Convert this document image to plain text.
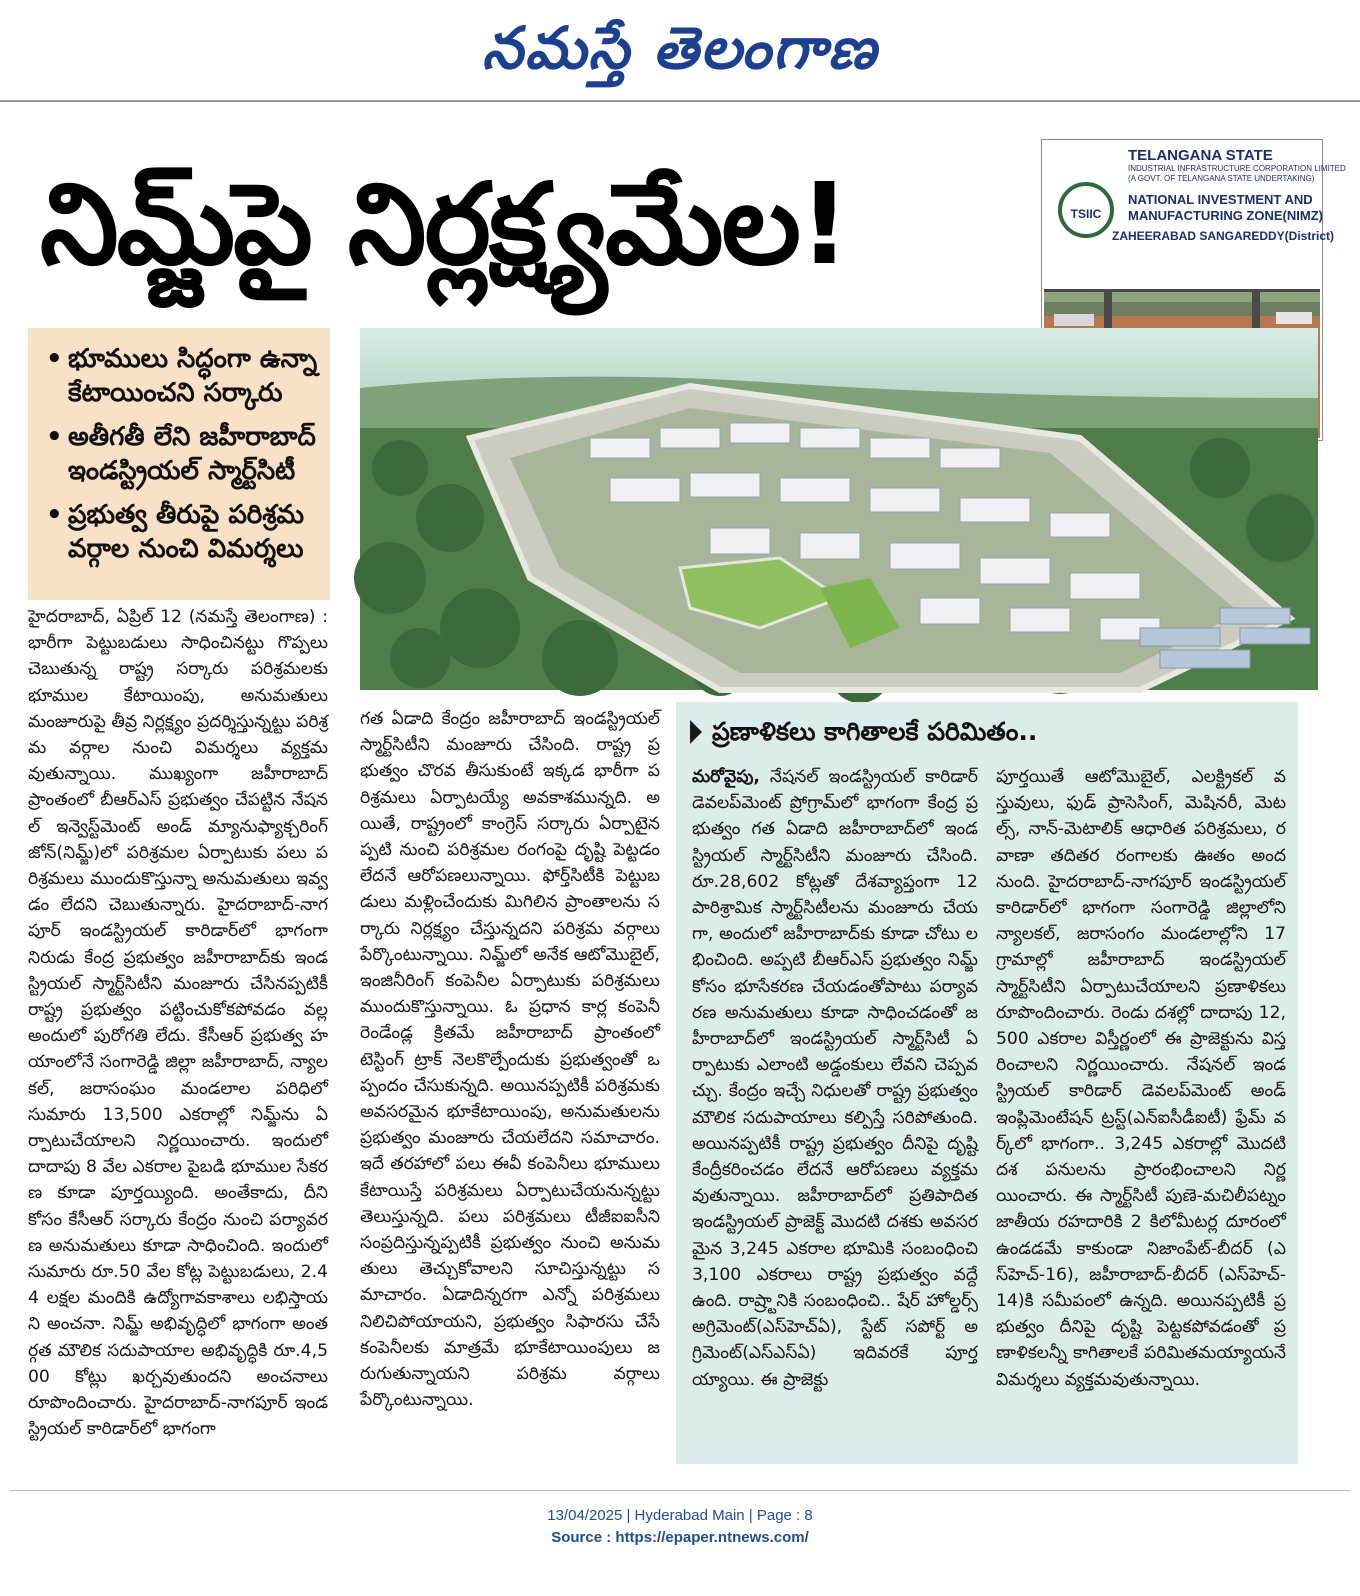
నమస్తే తెలంగాణ
నిమ్జ్‌పై నిర్లక్ష్యమేల!	TSIIC
TELANGANA STATE
INDUSTRIAL INFRASTRUCTURE CORPORATION LIMITED
(A GOVT. OF TELANGANA STATE UNDERTAKING)
NATIONAL INVESTMENT AND
MANUFACTURING ZONE(NIMZ)
ZAHEERABAD SANGAREDDY(District)
• భూములు సిద్ధంగా ఉన్నా కేటాయించని సర్కారు
• అతీగతీ లేని జహీరాబాద్ ఇండస్ట్రియల్ స్మార్ట్‌సిటీ
• ప్రభుత్వ తీరుపై పరిశ్రమ వర్గాల నుంచి విమర్శలు
హైదరాబాద్, ఏప్రిల్ 12 (నమస్తే తెలంగాణ) : భారీగా పెట్టుబడులు సాధించినట్టు గొప్పలు చెబుతున్న రాష్ట్ర సర్కారు పరిశ్రమలకు భూముల కేటాయింపు, అనుమతులు మంజూరుపై తీవ్ర నిర్లక్ష్యం ప్రదర్శిస్తున్నట్టు పరిశ్రమ వర్గాల నుంచి విమర్శలు వ్యక్తమవుతున్నాయి. ముఖ్యంగా జహీరాబాద్ ప్రాంతంలో బీఆర్‌ఎస్ ప్రభుత్వం చేపట్టిన నేషనల్ ఇన్వెస్ట్‌మెంట్ అండ్ మ్యానుఫ్యాక్చరింగ్ జోన్(నిమ్జ్)లో పరిశ్రమల ఏర్పాటుకు పలు పరిశ్రమలు ముందుకొస్తున్నా అనుమతులు ఇవ్వడం లేదని చెబుతున్నారు. హైదరాబాద్-నాగపూర్ ఇండస్ట్రియల్ కారిడార్‌లో భాగంగా నిరుడు కేంద్ర ప్రభుత్వం జహీరాబాద్‌కు ఇండస్ట్రియల్ స్మార్ట్‌సిటీని మంజూరు చేసినప్పటికీ రాష్ట్ర ప్రభుత్వం పట్టించుకోకపోవడం వల్ల అందులో పురోగతి లేదు. కేసీఆర్ ప్రభుత్వ హయాంలోనే సంగారెడ్డి జిల్లా జహీరాబాద్, న్యాలకల్, జరాసంఘం మండలాల పరిధిలో సుమారు 13,500 ఎకరాల్లో నిమ్జ్‌ను ఏర్పాటుచేయాలని నిర్ణయించారు. ఇందులో దాదాపు 8 వేల ఎకరాల పైబడి భూముల సేకరణ కూడా పూర్తయ్యింది. అంతేకాదు, దీని కోసం కేసీఆర్ సర్కారు కేంద్రం నుంచి పర్యావరణ అనుమతులు కూడా సాధించింది. ఇందులో సుమారు రూ.50 వేల కోట్ల పెట్టుబడులు, 2.44 లక్షల మందికి ఉద్యోగావకాశాలు లభిస్తాయని అంచనా. నిమ్జ్ అభివృద్ధిలో భాగంగా అంతర్గత మౌలిక సదుపాయాల అభివృద్ధికి రూ.4,500 కోట్లు ఖర్చవుతుందని అంచనాలు రూపొందించారు. హైదరాబాద్-నాగపూర్ ఇండస్ట్రియల్ కారిడార్‌లో భాగంగా
గత ఏడాది కేంద్రం జహీరాబాద్ ఇండస్ట్రియల్ స్మార్ట్‌సిటీని మంజూరు చేసింది. రాష్ట్ర ప్రభుత్వం చొరవ తీసుకుంటే ఇక్కడ భారీగా పరిశ్రమలు ఏర్పాటయ్యే అవకాశమున్నది. అయితే, రాష్ట్రంలో కాంగ్రెస్ సర్కారు ఏర్పాటైనప్పటి నుంచి పరిశ్రమల రంగంపై దృష్టి పెట్టడం లేదనే ఆరోపణలున్నాయి. ఫోర్త్‌సిటీకి పెట్టుబడులు మళ్లించేందుకు మిగిలిన ప్రాంతాలను సర్కారు నిర్లక్ష్యం చేస్తున్నదని పరిశ్రమ వర్గాలు పేర్కొంటున్నాయి. నిమ్జ్‌లో అనేక ఆటోమొబైల్, ఇంజినీరింగ్ కంపెనీల ఏర్పాటుకు పరిశ్రమలు ముందుకొస్తున్నాయి. ఓ ప్రధాన కార్ల కంపెనీ రెండేండ్ల క్రితమే జహీరాబాద్ ప్రాంతంలో టెస్టింగ్ ట్రాక్ నెలకొల్పేందుకు ప్రభుత్వంతో ఒప్పందం చేసుకున్నది. అయినప్పటికీ పరిశ్రమకు అవసరమైన భూకేటాయింపు, అనుమతులను ప్రభుత్వం మంజూరు చేయలేదని సమాచారం. ఇదే తరహాలో పలు ఈవీ కంపెనీలు భూములు కేటాయిస్తే పరిశ్రమలు ఏర్పాటుచేయనున్నట్టు తెలుస్తున్నది. పలు పరిశ్రమలు టీజీఐఐసీని సంప్రదిస్తున్నప్పటికీ ప్రభుత్వం నుంచి అనుమతులు తెచ్చుకోవాలని సూచిస్తున్నట్టు సమాచారం. ఏడాదిన్నరగా ఎన్నో పరిశ్రమలు నిలిచిపోయాయని, ప్రభుత్వం సిఫారసు చేసే కంపెనీలకు మాత్రమే భూకేటాయింపులు జరుగుతున్నాయని పరిశ్రమ వర్గాలు పేర్కొంటున్నాయి.
ప్రణాళికలు కాగితాలకే పరిమితం..
మరోవైపు, నేషనల్ ఇండస్ట్రియల్ కారిడార్ డెవలప్‌మెంట్ ప్రోగ్రామ్‌లో భాగంగా కేంద్ర ప్రభుత్వం గత ఏడాది జహీరాబాద్‌లో ఇండస్ట్రియల్ స్మార్ట్‌సిటీని మంజూరు చేసింది. రూ.28,602 కోట్లతో దేశవ్యాప్తంగా 12 పారిశ్రామిక స్మార్ట్‌సిటీలను మంజూరు చేయగా, అందులో జహీరాబాద్‌కు కూడా చోటు లభించింది. అప్పటి బీఆర్‌ఎస్ ప్రభుత్వం నిమ్జ్ కోసం భూసేకరణ చేయడంతోపాటు పర్యావరణ అనుమతులు కూడా సాధించడంతో జహీరాబాద్‌లో ఇండస్ట్రియల్ స్మార్ట్‌సిటీ ఏర్పాటుకు ఎలాంటి అడ్డంకులు లేవని చెప్పవచ్చు. కేంద్రం ఇచ్చే నిధులతో రాష్ట్ర ప్రభుత్వం మౌలిక సదుపాయాలు కల్పిస్తే సరిపోతుంది. అయినప్పటికీ రాష్ట్ర ప్రభుత్వం దీనిపై దృష్టి కేంద్రీకరించడం లేదనే ఆరోపణలు వ్యక్తమవుతున్నాయి. జహీరాబాద్‌లో ప్రతిపాదిత ఇండస్ట్రియల్ ప్రాజెక్ట్ మొదటి దశకు అవసరమైన 3,245 ఎకరాల భూమికి సంబంధించి 3,100 ఎకరాలు రాష్ట్ర ప్రభుత్వం వద్దే ఉంది. రాష్ర్టానికి సంబంధించి.. షేర్ హోల్డర్స్ అగ్రిమెంట్(ఎస్‌హెచ్‌ఏ), స్టేట్ సపోర్ట్ అగ్రిమెంట్(ఎస్‌ఎస్‌ఏ) ఇదివరకే పూర్తయ్యాయి. ఈ ప్రాజెక్టు
పూర్తయితే ఆటోమొబైల్, ఎలక్ట్రికల్ వస్తువులు, ఫుడ్ ప్రాసెసింగ్, మెషినరీ, మెటల్స్, నాన్-మెటాలిక్ ఆధారిత పరిశ్రమలు, రవాణా తదితర రంగాలకు ఊతం అందనుంది. హైదరాబాద్-నాగపూర్ ఇండస్ట్రియల్ కారిడార్‌లో భాగంగా సంగారెడ్డి జిల్లాలోని న్యాలకల్, జరాసంగం మండలాల్లోని 17 గ్రామాల్లో జహీరాబాద్ ఇండస్ట్రియల్ స్మార్ట్‌సిటీని ఏర్పాటుచేయాలని ప్రణాళికలు రూపొందించారు. రెండు దశల్లో దాదాపు 12,500 ఎకరాల విస్తీర్ణంలో ఈ ప్రాజెక్టును విస్తరించాలని నిర్ణయించారు. నేషనల్ ఇండస్ట్రియల్ కారిడార్ డెవలప్‌మెంట్ అండ్ ఇంప్లిమెంటేషన్ ట్రస్ట్(ఎన్‌ఐసీడీఐటీ) ఫ్రేమ్ వర్క్‌లో భాగంగా.. 3,245 ఎకరాల్లో మొదటి దశ పనులను ప్రారంభించాలని నిర్ణయించారు. ఈ స్మార్ట్‌సిటీ పుణె-మచిలీపట్నం జాతీయ రహదారికి 2 కిలోమీటర్ల దూరంలో ఉండడమే కాకుండా నిజాంపేట్-బీదర్ (ఎస్‌హెచ్-16), జహీరాబాద్-బీదర్ (ఎస్‌హెచ్-14)కి సమీపంలో ఉన్నది. అయినప్పటికీ ప్రభుత్వం దీనిపై దృష్టి పెట్టకపోవడంతో ప్రణాళికలన్నీ కాగితాలకే పరిమితమయ్యాయనే విమర్శలు వ్యక్తమవుతున్నాయి.
13/04/2025 | Hyderabad Main | Page : 8
Source : https://epaper.ntnews.com/
